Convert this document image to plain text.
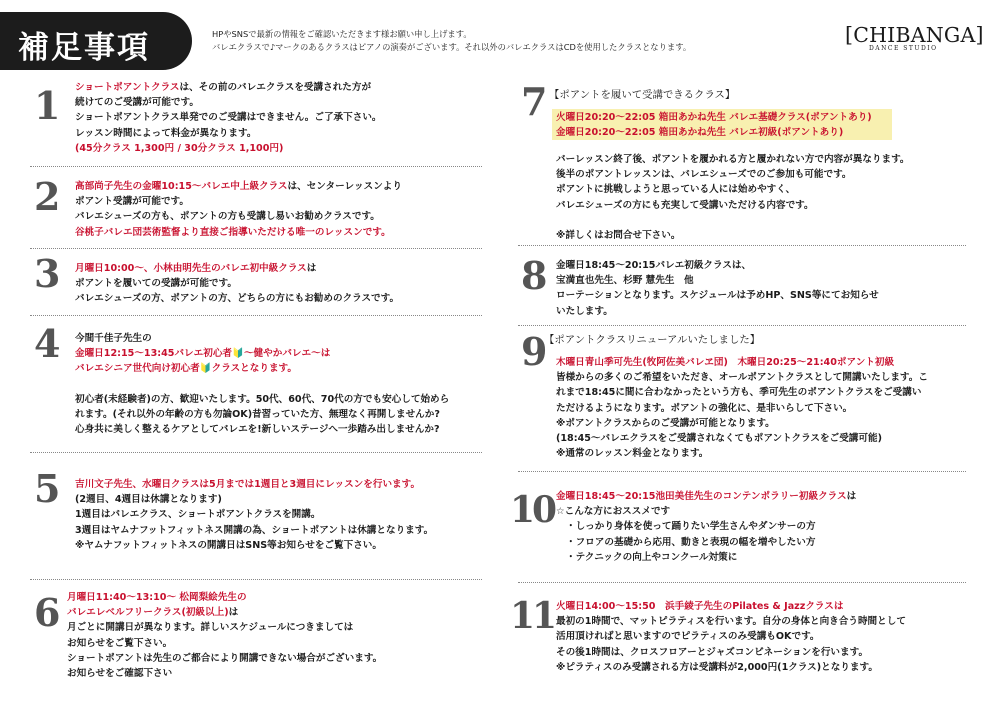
補足事項	HPやSNSで最新の情報をご確認いただきます様お願い申し上げます。
バレエクラスで♪マークのあるクラスはピアノの演奏がございます。それ以外のバレエクラスはCDを使用したクラスとなります。	[CHIBANGA]
DANCE STUDIO
1 ショートポアントクラスは、その前のバレエクラスを受講された方が

続けてのご受講が可能です。

ショートポアントクラス単発でのご受講はできません。ご了承下さい。

レッスン時間によって料金が異なります。

(45分クラス 1,300円 / 30分クラス 1,100円)

2 高部尚子先生の金曜10:15～バレエ中上級クラスは、センターレッスンより

ポアント受講が可能です。

バレエシューズの方も、ポアントの方も受講し易いお勧めクラスです。

谷桃子バレエ団芸術監督より直接ご指導いただける唯一のレッスンです。

3 月曜日10:00～、小林由明先生のバレエ初中級クラスは

ポアントを履いての受講が可能です。

バレエシューズの方、ポアントの方、どちらの方にもお勧めのクラスです。

4 今間千佳子先生の

金曜日12:15～13:45バレエ初心者🔰～健やかバレエ～は

バレエシニア世代向け初心者🔰クラスとなります。

初心者(未経験者)の方、歓迎いたします。50代、60代、70代の方でも安心して始めら

れます。(それ以外の年齢の方も勿論OK)昔習っていた方、無理なく再開しませんか?

心身共に美しく整えるケアとしてバレエを!新しいステージへ一歩踏み出しませんか?

5 吉川文子先生、水曜日クラスは5月までは1週目と3週目にレッスンを行います。

(2週目、4週目は休講となります)

1週目はバレエクラス、ショートポアントクラスを開講。

3週目はヤムナフットフィットネス開講の為、ショートポアントは休講となります。

※ヤムナフットフィットネスの開講日はSNS等お知らせをご覧下さい。

6 月曜日11:40～13:10～ 松岡梨絵先生の

バレエレベルフリークラス(初級以上)は

月ごとに開講日が異なります。詳しいスケジュールにつきましては

お知らせをご覧下さい。

ショートポアントは先生のご都合により開講できない場合がございます。

お知らせをご確認下さい

7 【ポアントを履いて受講できるクラス】

火曜日20:20～22:05 箱田あかね先生 バレエ基礎クラス(ポアントあり)

金曜日20:20～22:05 箱田あかね先生 バレエ初級(ポアントあり)

バーレッスン終了後、ポアントを履かれる方と履かれない方で内容が異なります。

後半のポアントレッスンは、バレエシューズでのご参加も可能です。

ポアントに挑戦しようと思っている人には始めやすく、

バレエシューズの方にも充実して受講いただける内容です。

※詳しくはお問合せ下さい。

8 金曜日18:45～20:15バレエ初級クラスは、

宝満直也先生、杉野 慧先生　他

ローテーションとなります。スケジュールは予めHP、SNS等にてお知らせ

いたします。

9
【ポアントクラスリニューアルいたしました】

木曜日青山季可先生(牧阿佐美バレヱ団)　木曜日20:25～21:40ポアント初級

皆様からの多くのご希望をいただき、オールポアントクラスとして開講いたします。こ

れまで18:45に間に合わなかったという方も、季可先生のポアントクラスをご受講い

ただけるようになります。ポアントの強化に、是非いらして下さい。

※ポアントクラスからのご受講が可能となります。

(18:45～バレエクラスをご受講されなくてもポアントクラスをご受講可能)

※通常のレッスン料金となります。

10 金曜日18:45～20:15池田美佳先生のコンテンポラリー初級クラスは

☆こんな方におススメです

・しっかり身体を使って踊りたい学生さんやダンサーの方

・フロアの基礎から応用、動きと表現の幅を増やしたい方

・テクニックの向上やコンクール対策に

11 火曜日14:00～15:50　浜手綾子先生のPilates & Jazzクラスは

最初の1時間で、マットピラティスを行います。自分の身体と向き合う時間として

活用頂ければと思いますのでピラティスのみ受講もOKです。

その後1時間は、クロスフロアーとジャズコンビネーションを行います。

※ピラティスのみ受講される方は受講料が2,000円(1クラス)となります。
